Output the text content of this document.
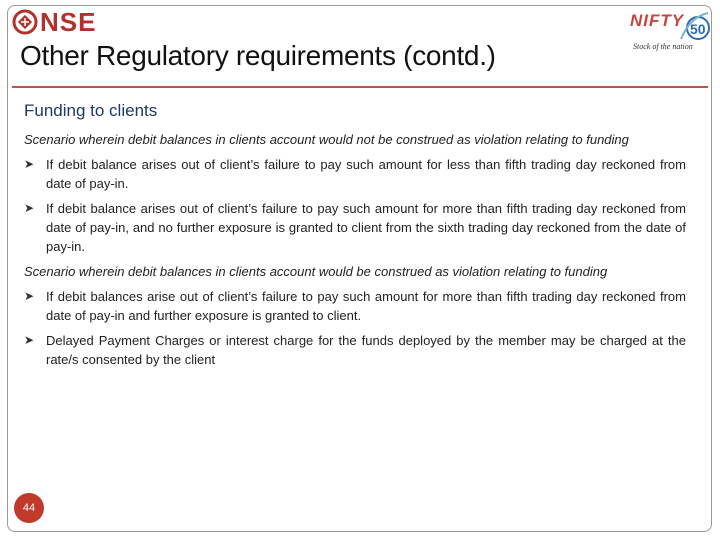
NSE	NIFTY 50
Stock of the nation
Other Regulatory requirements (contd.)
Funding to clients

Scenario wherein debit balances in clients account would not be construed as violation relating to funding

➤ If debit balance arises out of client’s failure to pay such amount for less than fifth trading day reckoned from date of pay-in.
➤ If debit balance arises out of client’s failure to pay such amount for more than fifth trading day reckoned from date of pay-in, and no further exposure is granted to client from the sixth trading day reckoned from the date of pay-in.

Scenario wherein debit balances in clients account would be construed as violation relating to funding

➤ If debit balances arise out of client’s failure to pay such amount for more than fifth trading day reckoned from date of pay-in and further exposure is granted to client.
➤ Delayed Payment Charges or interest charge for the funds deployed by the member may be charged at the rate/s consented by the client
44
